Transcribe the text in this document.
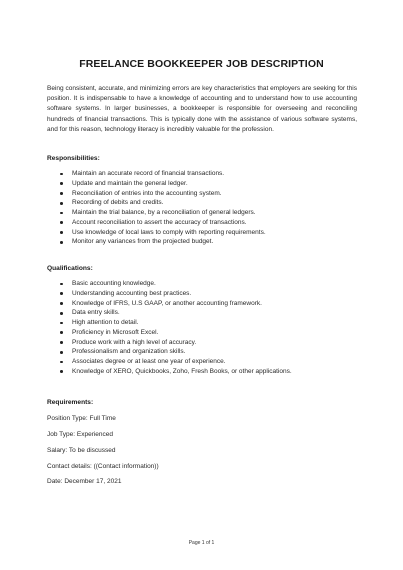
FREELANCE BOOKKEEPER JOB DESCRIPTION
Being consistent, accurate, and minimizing errors are key characteristics that employers are seeking for this position. It is indispensable to have a knowledge of accounting and to understand how to use accounting software systems. In larger businesses, a bookkeeper is responsible for overseeing and reconciling hundreds of financial transactions. This is typically done with the assistance of various software systems, and for this reason, technology literacy is incredibly valuable for the profession.
Responsibilities:
Maintain an accurate record of financial transactions.
Update and maintain the general ledger.
Reconciliation of entries into the accounting system.
Recording of debits and credits.
Maintain the trial balance, by a reconciliation of general ledgers.
Account reconciliation to assert the accuracy of transactions.
Use knowledge of local laws to comply with reporting requirements.
Monitor any variances from the projected budget.
Qualifications:
Basic accounting knowledge.
Understanding accounting best practices.
Knowledge of IFRS, U.S GAAP, or another accounting framework.
Data entry skills.
High attention to detail.
Proficiency in Microsoft Excel.
Produce work with a high level of accuracy.
Professionalism and organization skills.
Associates degree or at least one year of experience.
Knowledge of XERO, Quickbooks, Zoho, Fresh Books, or other applications.
Requirements:
Position Type: Full Time
Job Type: Experienced
Salary: To be discussed
Contact details: ((Contact information))
Date: December 17, 2021
Page 1 of 1
